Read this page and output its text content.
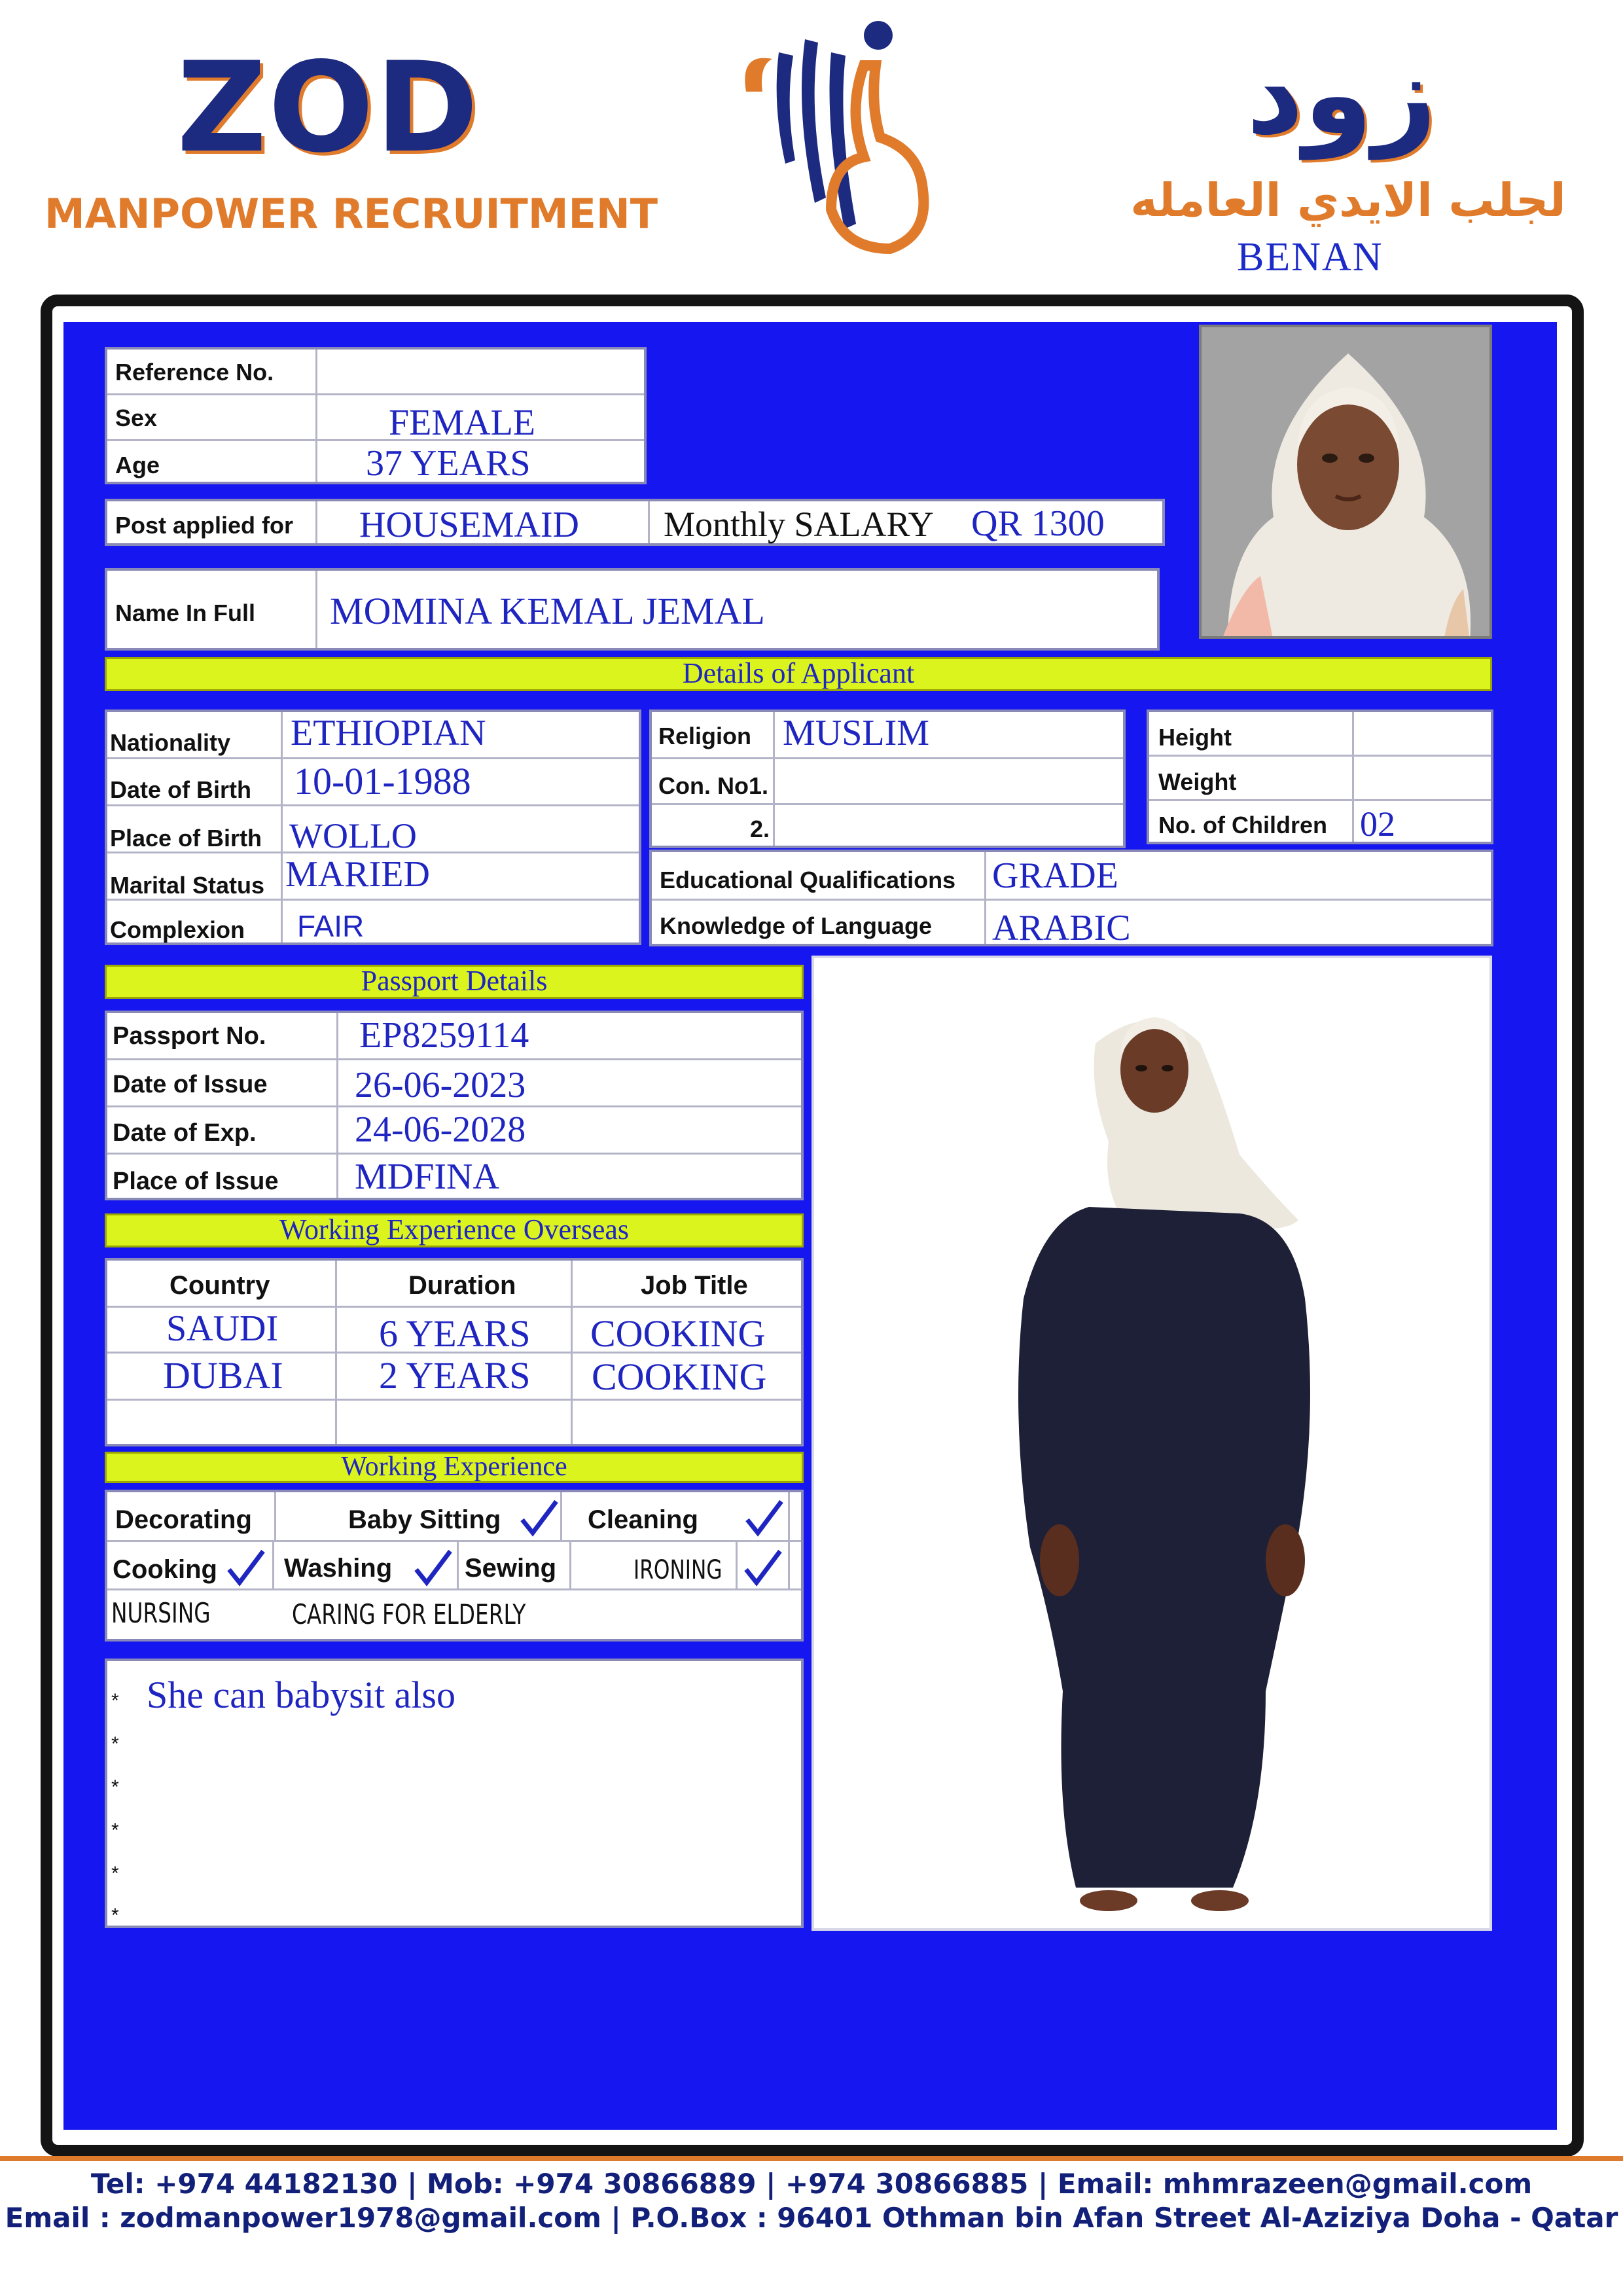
ZOD
MANPOWER RECRUITMENT
زود
لجلب الايدي العامله
BENAN
Reference No.
Sex	FEMALE
Age	37 YEARS
Post applied for HOUSEMAID Monthly SALARY QR 1300
Name In Full MOMINA KEMAL JEMAL
Details of Applicant
Nationality ETHIOPIAN
Date of Birth 10-01-1988
Place of Birth WOLLO
Marital Status MARIED
Complexion FAIR
Religion MUSLIM
Con. No1.
2.
Height
Weight
No. of Children 02
Educational Qualifications GRADE
Knowledge of Language ARABIC
Passport Details
Passport No.	EP8259114
Date of Issue 26-06-2023
Date of Exp.	24-06-2028
Place of Issue MDFINA
Working Experience Overseas
Country	Duration	Job Title
SAUDI	6 YEARS COOKING
DUBAI	2 YEARS COOKING
Working Experience
Decorating	Baby Sitting	Cleaning
Cooking	Washing	Sewing	IRONING
NURSING	CARING FOR ELDERLY
* She can babysit also
*
*
*
*
*
Tel: +974 44182130 | Mob: +974 30866889 | +974 30866885 | Email: mhmrazeen@gmail.com
Email : zodmanpower1978@gmail.com | P.O.Box : 96401 Othman bin Afan Street Al-Aziziya Doha - Qatar
